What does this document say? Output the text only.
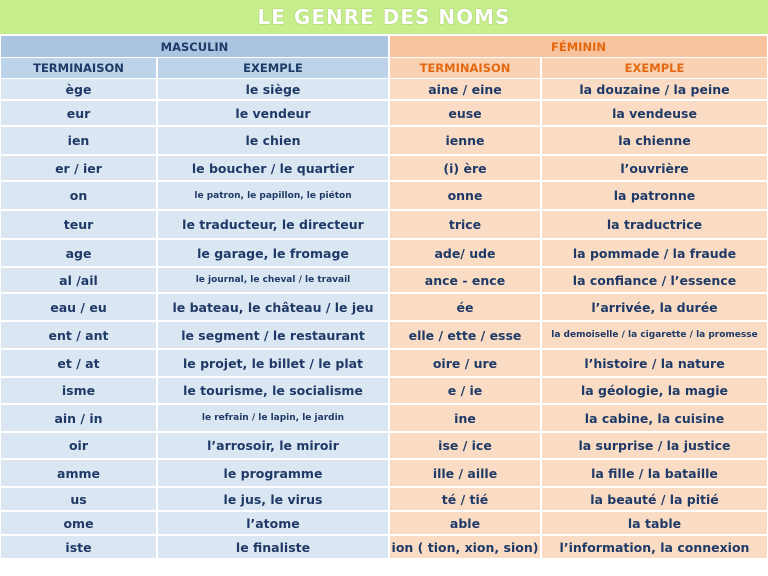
LE GENRE DES NOMS
MASCULIN	FÉMININ
TERMINAISON	EXEMPLE	TERMINAISON	EXEMPLE
ège	le siège	aine / eine	la douzaine / la peine
eur	le vendeur	euse	la vendeuse
ien	le chien	ienne	la chienne
er / ier	le boucher / le quartier	(i) ère	l’ouvrière
on	le patron, le papillon, le piéton	onne	la patronne
teur	le traducteur, le directeur	trice	la traductrice
age	le garage, le fromage	ade/ ude	la pommade / la fraude
al /ail	le journal, le cheval / le travail	ance - ence	la confiance / l’essence
eau / eu	le bateau, le château / le jeu	ée	l’arrivée, la durée
ent / ant	le segment / le restaurant	elle / ette / esse	la demoiselle / la cigarette / la promesse
et / at	le projet, le billet / le plat	oire / ure	l’histoire / la nature
isme	le tourisme, le socialisme	e / ie	la géologie, la magie
ain / in	le refrain / le lapin, le jardin	ine	la cabine, la cuisine
oir	l’arrosoir, le miroir	ise / ice	la surprise / la justice
amme	le programme	ille / aille	la fille / la bataille
us	le jus, le virus	té / tié	la beauté / la pitié
ome	l’atome	able	la table
iste	le finaliste	ion ( tion, xion, sion)	l’information, la connexion
